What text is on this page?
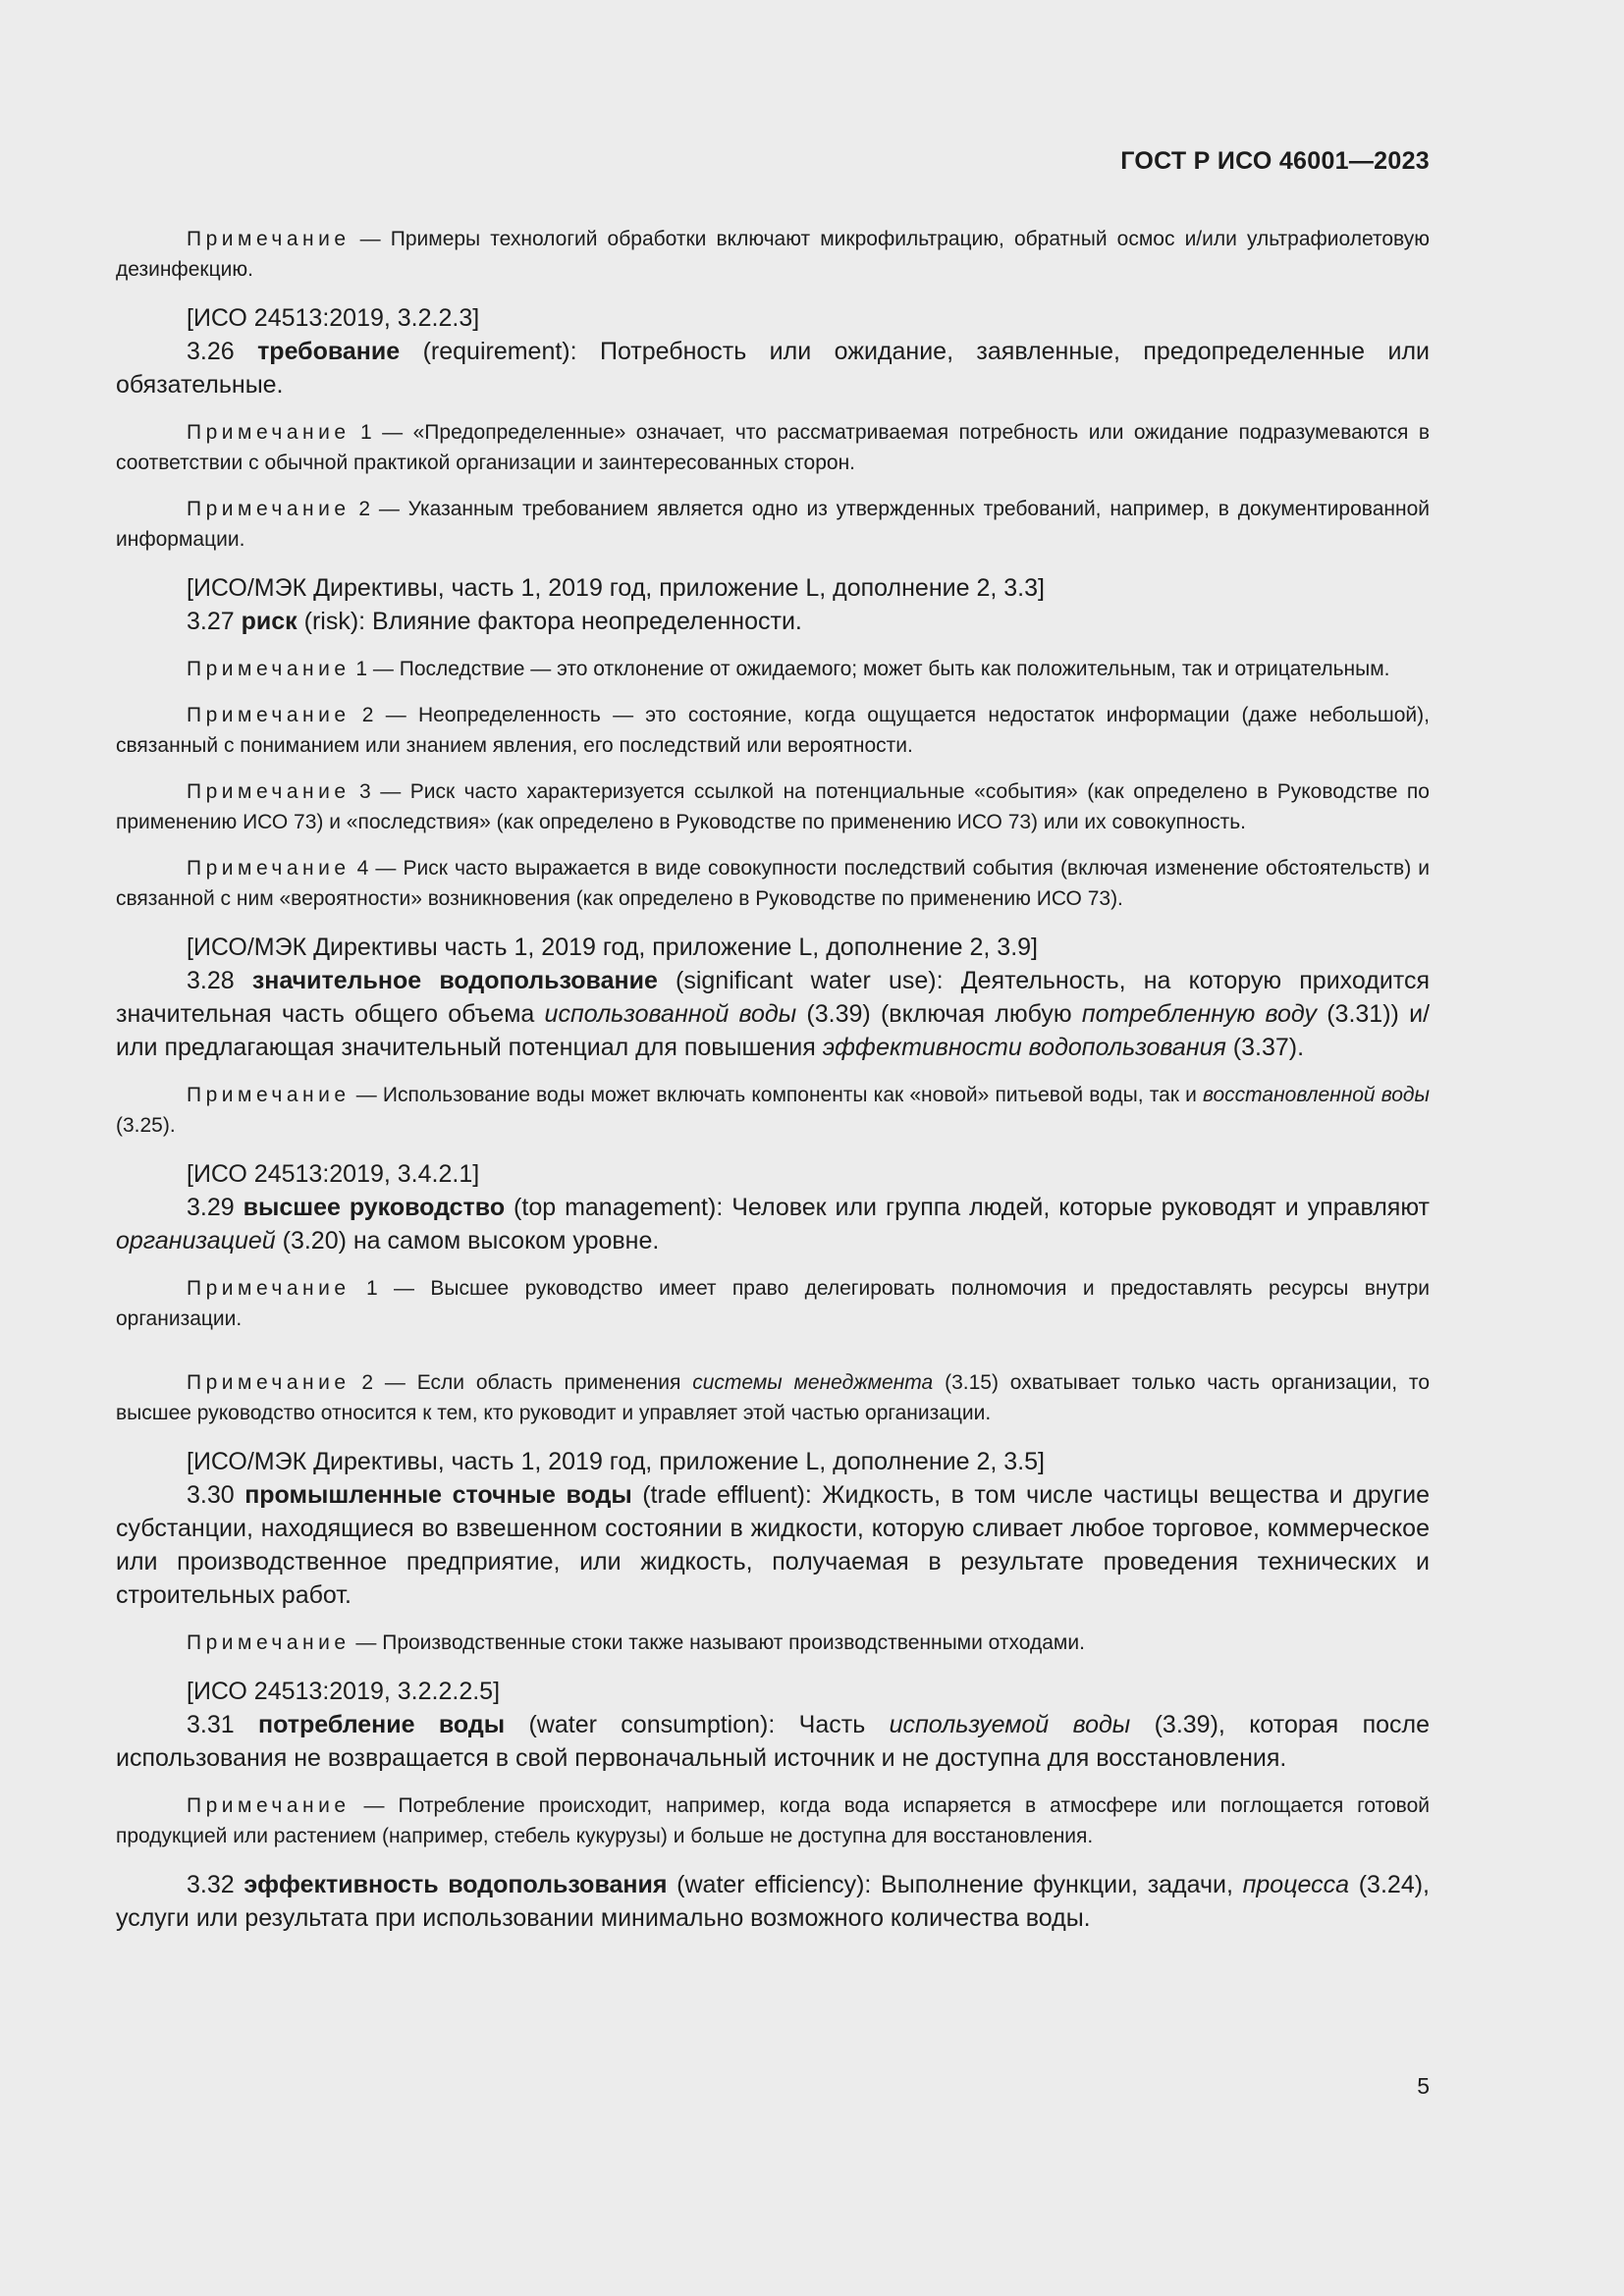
ГОСТ Р ИСО 46001—2023

Примечание — Примеры технологий обработки включают микрофильтрацию, обратный осмос и/или ультрафиолетовую дезинфекцию.

[ИСО 24513:2019, 3.2.2.3]

3.26 требование (requirement): Потребность или ожидание, заявленные, предопределенные или обязательные.

Примечание 1 — «Предопределенные» означает, что рассматриваемая потребность или ожидание подразумеваются в соответствии с обычной практикой организации и заинтересованных сторон.

Примечание 2 — Указанным требованием является одно из утвержденных требований, например, в документированной информации.

[ИСО/МЭК Директивы, часть 1, 2019 год, приложение L, дополнение 2, 3.3]

3.27 риск (risk): Влияние фактора неопределенности.

Примечание 1 — Последствие — это отклонение от ожидаемого; может быть как положительным, так и отрицательным.

Примечание 2 — Неопределенность — это состояние, когда ощущается недостаток информации (даже небольшой), связанный с пониманием или знанием явления, его последствий или вероятности.

Примечание 3 — Риск часто характеризуется ссылкой на потенциальные «события» (как определено в Руководстве по применению ИСО 73) и «последствия» (как определено в Руководстве по применению ИСО 73) или их совокупность.

Примечание 4 — Риск часто выражается в виде совокупности последствий события (включая изменение обстоятельств) и связанной с ним «вероятности» возникновения (как определено в Руководстве по применению ИСО 73).

[ИСО/МЭК Директивы часть 1, 2019 год, приложение L, дополнение 2, 3.9]

3.28 значительное водопользование (significant water use): Деятельность, на которую приходится значительная часть общего объема использованной воды (3.39) (включая любую потребленную воду (3.31)) и/или предлагающая значительный потенциал для повышения эффективности водопользования (3.37).

Примечание — Использование воды может включать компоненты как «новой» питьевой воды, так и восстановленной воды (3.25).

[ИСО 24513:2019, 3.4.2.1]

3.29 высшее руководство (top management): Человек или группа людей, которые руководят и управляют организацией (3.20) на самом высоком уровне.

Примечание 1 — Высшее руководство имеет право делегировать полномочия и предоставлять ресурсы внутри организации.

Примечание 2 — Если область применения системы менеджмента (3.15) охватывает только часть организации, то высшее руководство относится к тем, кто руководит и управляет этой частью организации.

[ИСО/МЭК Директивы, часть 1, 2019 год, приложение L, дополнение 2, 3.5]

3.30 промышленные сточные воды (trade effluent): Жидкость, в том числе частицы вещества и другие субстанции, находящиеся во взвешенном состоянии в жидкости, которую сливает любое торговое, коммерческое или производственное предприятие, или жидкость, получаемая в результате проведения технических и строительных работ.

Примечание — Производственные стоки также называют производственными отходами.

[ИСО 24513:2019, 3.2.2.2.5]

3.31 потребление воды (water consumption): Часть используемой воды (3.39), которая после использования не возвращается в свой первоначальный источник и не доступна для восстановления.

Примечание — Потребление происходит, например, когда вода испаряется в атмосфере или поглощается готовой продукцией или растением (например, стебель кукурузы) и больше не доступна для восстановления.

3.32 эффективность водопользования (water efficiency): Выполнение функции, задачи, процесса (3.24), услуги или результата при использовании минимально возможного количества воды.

5
